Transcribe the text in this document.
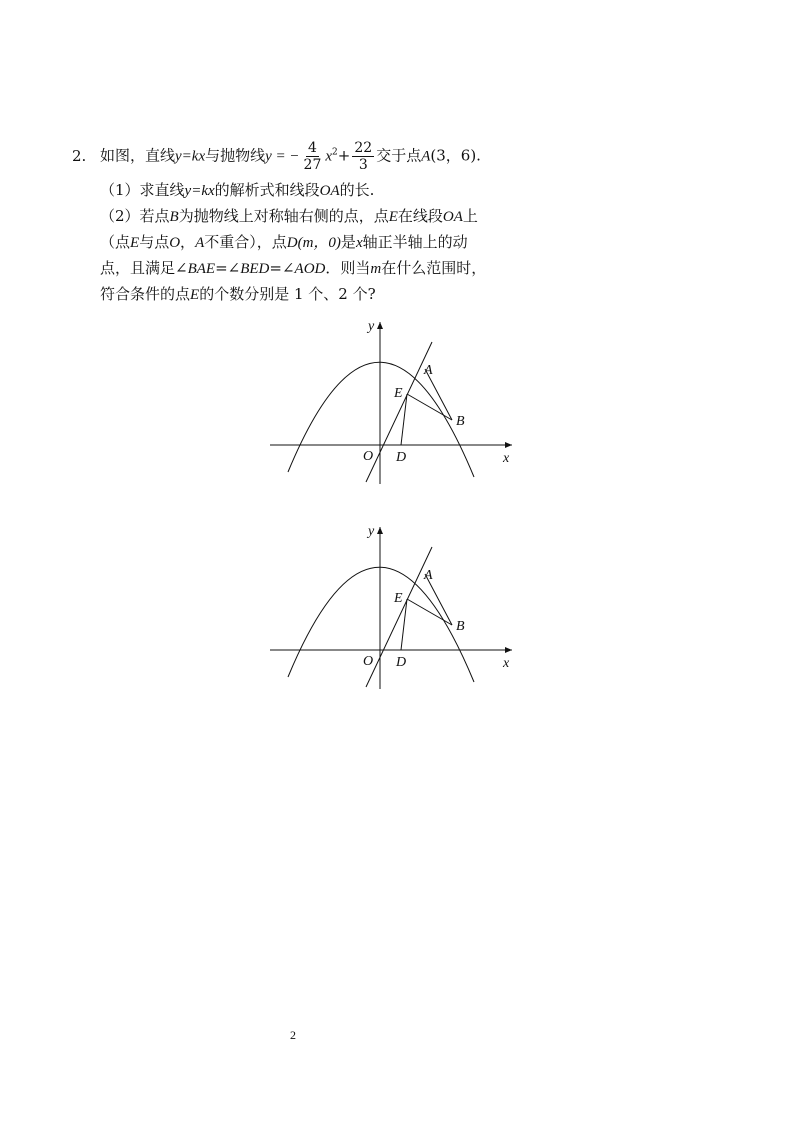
2. 如图，直线y=kx与抛物线y = − $\frac{4}{27} x^2+ \frac{22}{3}$ 交于点A(3，6).
（1）求直线y=kx的解析式和线段OA的长.
（2）若点B为抛物线上对称轴右侧的点，点E在线段OA上
（点E与点O，A不重合），点D(m，0)是x轴正半轴上的动
点，且满足∠BAE=∠BED=∠AOD．则当m在什么范围时，
符合条件的点E的个数分别是 1 个、2 个?
y
x
O D
A
E
B
y
x
O D
A
E
B
2
